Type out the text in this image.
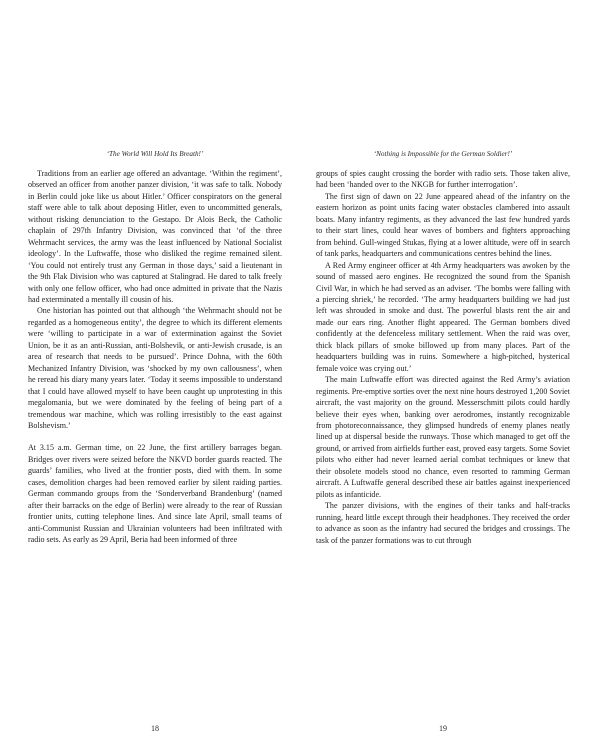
‘The World Will Hold Its Breath!’

Traditions from an earlier age offered an advantage. ‘Within the regiment’, observed an officer from another panzer division, ‘it was safe to talk. Nobody in Berlin could joke like us about Hitler.’ Officer conspirators on the general staff were able to talk about deposing Hitler, even to uncommitted generals, without risking denunciation to the Gestapo. Dr Alois Beck, the Catholic chaplain of 297th Infantry Division, was convinced that ‘of the three Wehrmacht services, the army was the least influenced by National Socialist ideology’. In the Luftwaffe, those who disliked the regime remained silent. ‘You could not entirely trust any German in those days,’ said a lieutenant in the 9th Flak Division who was captured at Stalingrad. He dared to talk freely with only one fellow officer, who had once admitted in private that the Nazis had exterminated a mentally ill cousin of his.

One historian has pointed out that although ‘the Wehrmacht should not be regarded as a homogeneous entity’, the degree to which its different elements were ‘willing to participate in a war of extermination against the Soviet Union, be it as an anti-Russian, anti-Bolshevik, or anti-Jewish crusade, is an area of research that needs to be pursued’. Prince Dohna, with the 60th Mechanized Infantry Division, was ‘shocked by my own callousness’, when he reread his diary many years later. ‘Today it seems impossible to understand that I could have allowed myself to have been caught up unprotesting in this megalomania, but we were dominated by the feeling of being part of a tremendous war machine, which was rolling irresistibly to the east against Bolshevism.’

At 3.15 a.m. German time, on 22 June, the first artillery barrages began. Bridges over rivers were seized before the NKVD border guards reacted. The guards’ families, who lived at the frontier posts, died with them. In some cases, demolition charges had been removed earlier by silent raiding parties. German commando groups from the ‘Sonderverband Brandenburg’ (named after their barracks on the edge of Berlin) were already to the rear of Russian frontier units, cutting telephone lines. And since late April, small teams of anti-Communist Russian and Ukrainian volunteers had been infiltrated with radio sets. As early as 29 April, Beria had been informed of three

18
‘Nothing is Impossible for the German Soldier!’

groups of spies caught crossing the border with radio sets. Those taken alive, had been ‘handed over to the NKGB for further interrogation’.

The first sign of dawn on 22 June appeared ahead of the infantry on the eastern horizon as point units facing water obstacles clambered into assault boats. Many infantry regiments, as they advanced the last few hundred yards to their start lines, could hear waves of bombers and fighters approaching from behind. Gull-winged Stukas, flying at a lower altitude, were off in search of tank parks, headquarters and communications centres behind the lines.

A Red Army engineer officer at 4th Army headquarters was awoken by the sound of massed aero engines. He recognized the sound from the Spanish Civil War, in which he had served as an adviser. ‘The bombs were falling with a piercing shriek,’ he recorded. ‘The army headquarters building we had just left was shrouded in smoke and dust. The powerful blasts rent the air and made our ears ring. Another flight appeared. The German bombers dived confidently at the defenceless military settlement. When the raid was over, thick black pillars of smoke billowed up from many places. Part of the headquarters building was in ruins. Somewhere a high-pitched, hysterical female voice was crying out.’

The main Luftwaffe effort was directed against the Red Army’s aviation regiments. Pre-emptive sorties over the next nine hours destroyed 1,200 Soviet aircraft, the vast majority on the ground. Messerschmitt pilots could hardly believe their eyes when, banking over aerodromes, instantly recognizable from photoreconnaissance, they glimpsed hundreds of enemy planes neatly lined up at dispersal beside the runways. Those which managed to get off the ground, or arrived from airfields further east, proved easy targets. Some Soviet pilots who either had never learned aerial combat techniques or knew that their obsolete models stood no chance, even resorted to ramming German aircraft. A Luftwaffe general described these air battles against inexperienced pilots as infanticide.

The panzer divisions, with the engines of their tanks and half-tracks running, heard little except through their headphones. They received the order to advance as soon as the infantry had secured the bridges and crossings. The task of the panzer formations was to cut through

19
